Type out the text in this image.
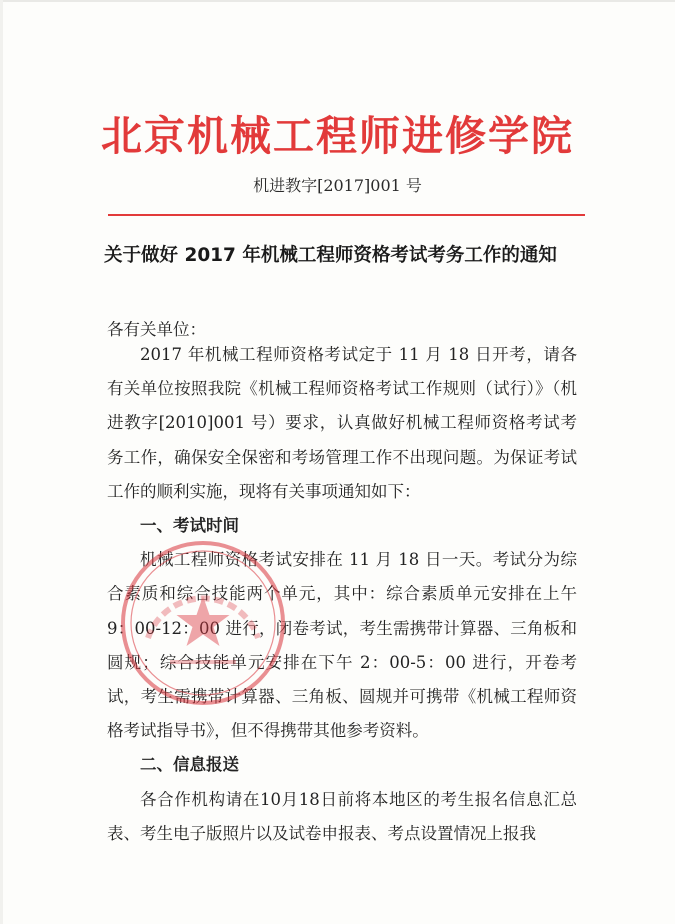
北京机械工程师进修学院
机进教字[2017]001 号
关于做好 2017 年机械工程师资格考试考务工作的通知
各有关单位：

2017 年机械工程师资格考试定于 11 月 18 日开考，请各有关单位按照我院《机械工程师资格考试工作规则（试行）》（机进教字[2010]001 号）要求，认真做好机械工程师资格考试考务工作，确保安全保密和考场管理工作不出现问题。为保证考试工作的顺利实施，现将有关事项通知如下：

一、考试时间

机械工程师资格考试安排在 11 月 18 日一天。考试分为综合素质和综合技能两个单元，其中：综合素质单元安排在上午 9：00-12：00 进行，闭卷考试，考生需携带计算器、三角板和圆规；综合技能单元安排在下午 2：00-5：00 进行，开卷考试，考生需携带计算器、三角板、圆规并可携带《机械工程师资格考试指导书》，但不得携带其他参考资料。

二、信息报送

各合作机构请在10月18日前将本地区的考生报名信息汇总表、考生电子版照片以及试卷申报表、考点设置情况上报我
